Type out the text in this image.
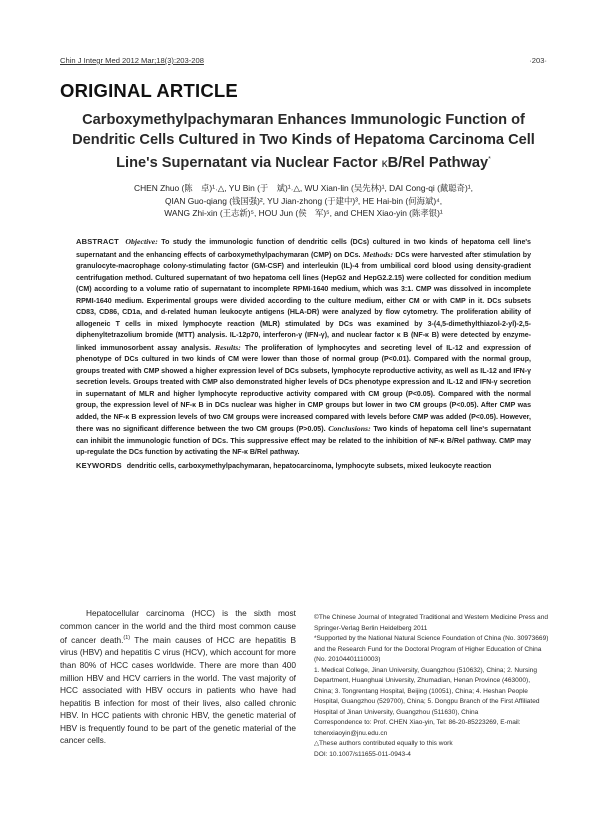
Chin J Integr Med 2012 Mar;18(3):203-208	·203·
ORIGINAL ARTICLE
Carboxymethylpachymaran Enhances Immunologic Function of Dendritic Cells Cultured in Two Kinds of Hepatoma Carcinoma Cell Line's Supernatant via Nuclear Factor κB/Rel Pathway*
CHEN Zhuo (陈　卓)¹˒△, YU Bin (于　斌)¹˒△, WU Xian-lin (吴先林)¹, DAI Cong-qi (戴聪奇)¹,
QIAN Guo-qiang (钱国强)², YU Jian-zhong (于建中)³, HE Hai-bin (何海斌)⁴,
WANG Zhi-xin (王志新)⁵, HOU Jun (侯　军)⁵, and CHEN Xiao-yin (陈孝银)¹
ABSTRACT Objective: To study the immunologic function of dendritic cells (DCs) cultured in two kinds of hepatoma cell line's supernatant and the enhancing effects of carboxymethylpachymaran (CMP) on DCs. Methods: DCs were harvested after stimulation by granulocyte-macrophage colony-stimulating factor (GM-CSF) and interleukin (IL)-4 from umbilical cord blood using density-gradient centrifugation method. Cultured supernatant of two hepatoma cell lines (HepG2 and HepG2.2.15) were collected for condition medium (CM) according to a volume ratio of supernatant to incomplete RPMI-1640 medium, which was 3:1. CMP was dissolved in incomplete RPMI-1640 medium. Experimental groups were divided according to the culture medium, either CM or with CMP in it. DCs subsets CD83, CD86, CD1a, and d-related human leukocyte antigens (HLA-DR) were analyzed by flow cytometry. The proliferation ability of allogeneic T cells in mixed lymphocyte reaction (MLR) stimulated by DCs was examined by 3-(4,5-dimethylthiazol-2-yl)-2,5-diphenyltetrazolium bromide (MTT) analysis. IL-12p70, interferon-γ (IFN-γ), and nuclear factor κ B (NF-κ B) were detected by enzyme-linked immunosorbent assay analysis. Results: The proliferation of lymphocytes and secreting level of IL-12 and expression of phenotype of DCs cultured in two kinds of CM were lower than those of normal group (P<0.01). Compared with the normal group, groups treated with CMP showed a higher expression level of DCs subsets, lymphocyte reproductive activity, as well as IL-12 and IFN-γ secretion levels. Groups treated with CMP also demonstrated higher levels of DCs phenotype expression and IL-12 and IFN-γ secretion in supernatant of MLR and higher lymphocyte reproductive activity compared with CM group (P<0.05). Compared with the normal group, the expression level of NF-κ B in DCs nuclear was higher in CMP groups but lower in two CM groups (P<0.05). After CMP was added, the NF-κ B expression levels of two CM groups were increased compared with levels before CMP was added (P<0.05). However, there was no significant difference between the two CM groups (P>0.05). Conclusions: Two kinds of hepatoma cell line's supernatant can inhibit the immunologic function of DCs. This suppressive effect may be related to the inhibition of NF-κ B/Rel pathway. CMP may up-regulate the DCs function by activating the NF-κ B/Rel pathway.
KEYWORDS dendritic cells, carboxymethylpachymaran, hepatocarcinoma, lymphocyte subsets, mixed leukocyte reaction
Hepatocellular carcinoma (HCC) is the sixth most common cancer in the world and the third most common cause of cancer death.$^{(1)}$ The main causes of HCC are hepatitis B virus (HBV) and hepatitis C virus (HCV), which account for more than 80% of HCC cases worldwide. There are more than 400 million HBV and HCV carriers in the world. The vast majority of HCC associated with HBV occurs in patients who have had hepatitis B infection for most of their lives, also called chronic HBV. In HCC patients with chronic HBV, the genetic material of HBV is frequently found to be part of the genetic material of the cancer cells.

©The Chinese Journal of Integrated Traditional and Western Medicine Press and Springer-Verlag Berlin Heidelberg 2011

*Supported by the National Natural Science Foundation of China (No. 30973669) and the Research Fund for the Doctoral Program of Higher Education of China (No. 20104401110003)

1. Medical College, Jinan University, Guangzhou (510632), China; 2. Nursing Department, Huanghuai University, Zhumadian, Henan Province (463000), China; 3. Tongrentang Hospital, Beijing (10051), China; 4. Heshan People Hospital, Guangzhou (529700), China; 5. Dongpu Branch of the First Affiliated Hospital of Jinan University, Guangzhou (511630), China

Correspondence to: Prof. CHEN Xiao-yin, Tel: 86-20-85223269, E-mail: tchenxiaoyin@jnu.edu.cn

△These authors contributed equally to this work

DOI: 10.1007/s11655-011-0943-4
